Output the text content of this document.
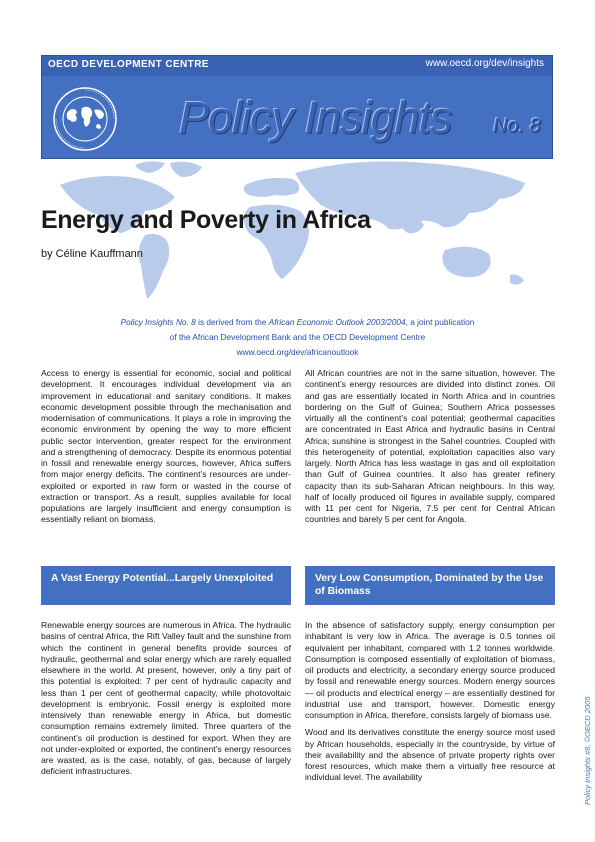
OECD DEVELOPMENT CENTRE	www.oecd.org/dev/insights
Policy Insights No. 8
Energy and Poverty in Africa
by Céline Kauffmann
Policy Insights No. 8 is derived from the African Economic Outlook 2003/2004, a joint publication
of the African Development Bank and the OECD Development Centre
www.oecd.org/dev/africanoutlook

Access to energy is essential for economic, social and political development. It encourages individual development via an improvement in educational and sanitary conditions. It makes economic development possible through the mechanisation and modernisation of communications. It plays a role in improving the economic environment by opening the way to more efficient public sector intervention, greater respect for the environment and a strengthening of democracy. Despite its enormous potential in fossil and renewable energy sources, however, Africa suffers from major energy deficits. The continent’s resources are under-exploited or exported in raw form or wasted in the course of extraction or transport. As a result, supplies available for local populations are largely insufficient and energy consumption is essentially reliant on biomass.

All African countries are not in the same situation, however. The continent’s energy resources are divided into distinct zones. Oil and gas are essentially located in North Africa and in countries bordering on the Gulf of Guinea; Southern Africa possesses virtually all the continent’s coal potential; geothermal capacities are concentrated in East Africa and hydraulic basins in Central Africa; sunshine is strongest in the Sahel countries. Coupled with this heterogeneity of potential, exploitation capacities also vary largely. North Africa has less wastage in gas and oil exploitation than Gulf of Guinea countries. It also has greater refinery capacity than its sub-Saharan African neighbours. In this way, half of locally produced oil figures in available supply, compared with 11 per cent for Nigeria, 7.5 per cent for Central African countries and barely 5 per cent for Angola.

A Vast Energy Potential...Largely Unexploited	Very Low Consumption, Dominated by the Use of Biomass

Renewable energy sources are numerous in Africa. The hydraulic basins of central Africa, the Rift Valley fault and the sunshine from which the continent in general benefits provide sources of hydraulic, geothermal and solar energy which are rarely equalled elsewhere in the world. At present, however, only a tiny part of this potential is exploited: 7 per cent of hydraulic capacity and less than 1 per cent of geothermal capacity, while photovoltaic development is embryonic. Fossil energy is exploited more intensively than renewable energy in Africa, but domestic consumption remains extremely limited. Three quarters of the continent’s oil production is destined for export. When they are not under-exploited or exported, the continent’s energy resources are wasted, as is the case, notably, of gas, because of largely deficient infrastructures.

In the absence of satisfactory supply, energy consumption per inhabitant is very low in Africa. The average is 0.5 tonnes oil equivalent per inhabitant, compared with 1.2 tonnes worldwide. Consumption is composed essentially of exploitation of biomass, oil products and electricity, a secondary energy source produced by fossil and renewable energy sources. Modern energy sources — oil products and electrical energy – are essentially destined for industrial use and transport, however. Domestic energy consumption in Africa, therefore, consists largely of biomass use.

Wood and its derivatives constitute the energy source most used by African households, especially in the countryside, by virtue of their availability and the absence of private property rights over forest resources, which make them a virtually free resource at individual level. The availability	Policy Insights #8, ©OECD 2005
